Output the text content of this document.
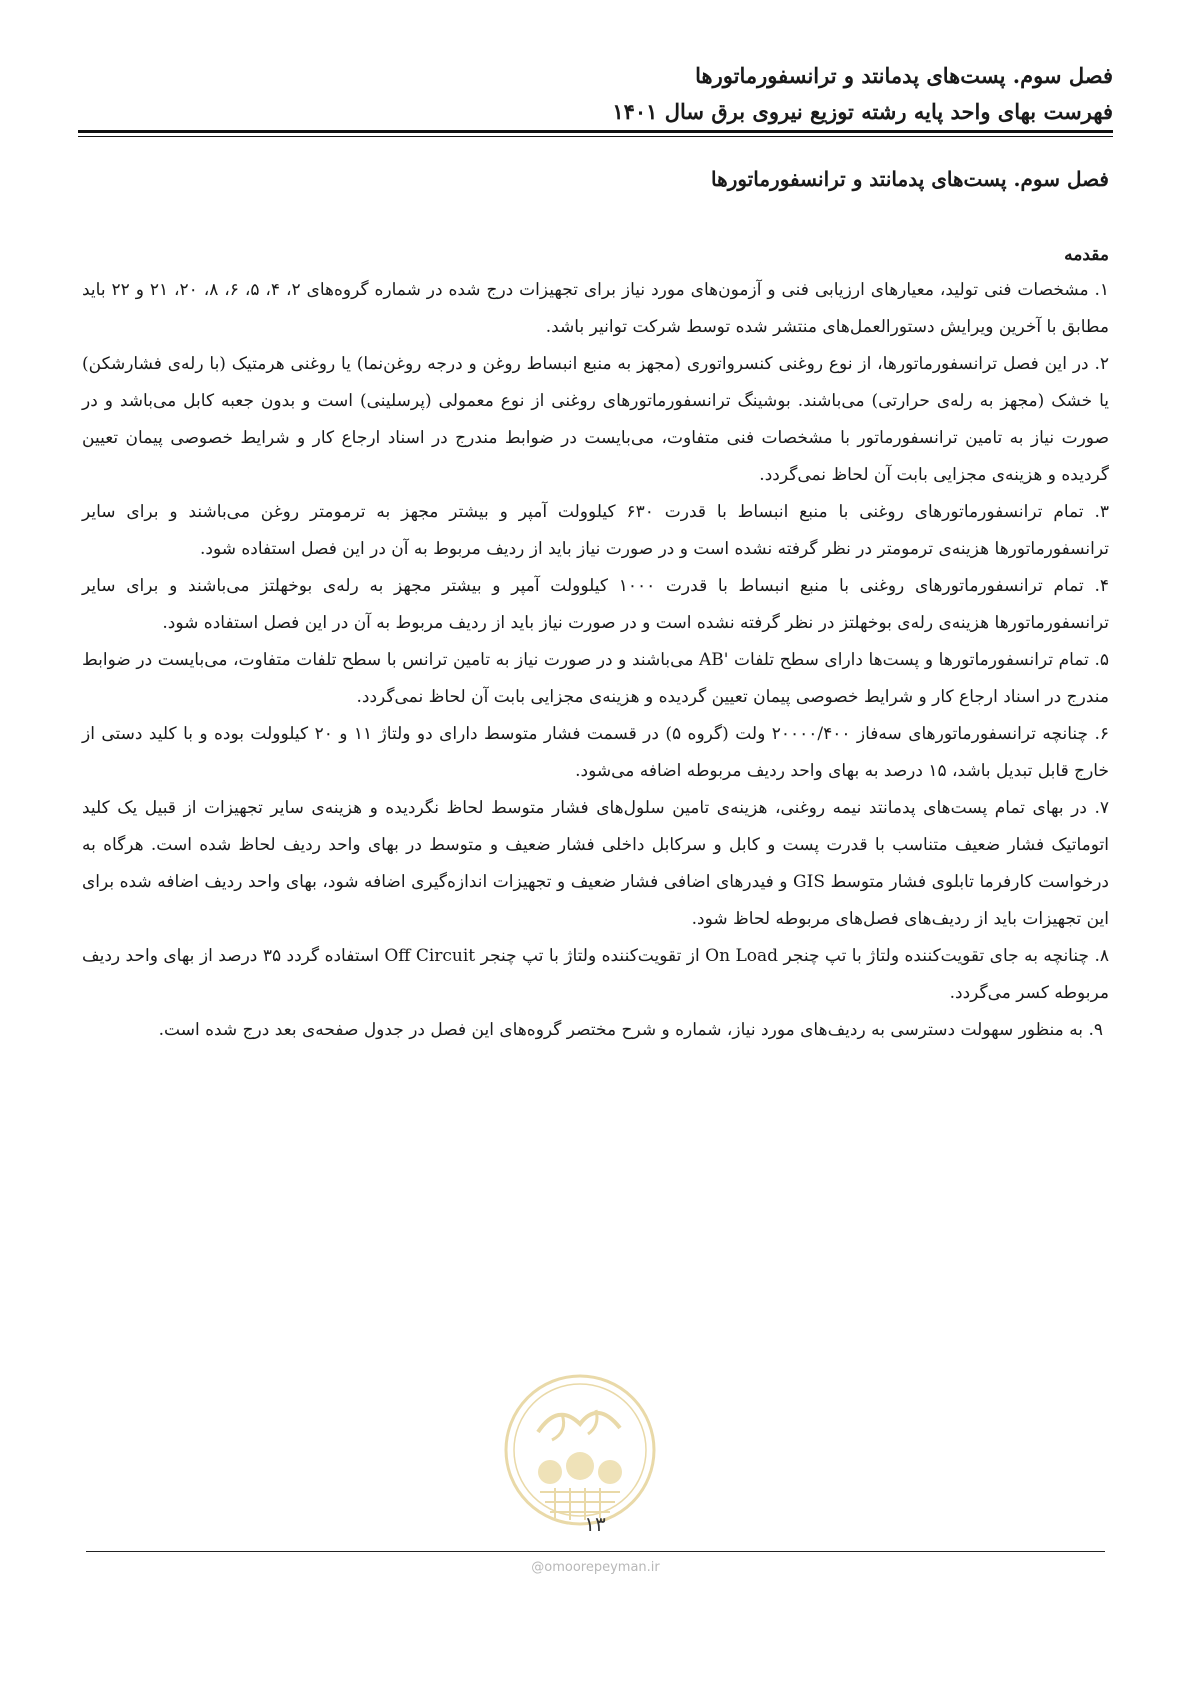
فصل سوم. پست‌های پدمانتد و ترانسفورماتورها
فهرست بهای واحد پایه رشته توزیع نیروی برق سال ۱۴۰۱
فصل سوم. پست‌های پدمانتد و ترانسفورماتورها
مقدمه

۱. مشخصات فنی تولید، معیارهای ارزیابی فنی و آزمون‌های مورد نیاز برای تجهیزات درج شده در شماره گروه‌های ۲، ۴، ۵، ۶، ۸، ۲۰، ۲۱ و ۲۲ باید مطابق با آخرین ویرایش دستورالعمل‌های منتشر شده توسط شرکت توانیر باشد.

۲. در این فصل ترانسفورماتورها، از نوع روغنی کنسرواتوری (مجهز به منبع انبساط روغن و درجه روغن‌نما) یا روغنی هرمتیک (با رله‌ی فشارشکن) یا خشک (مجهز به رله‌ی حرارتی) می‌باشند. بوشینگ ترانسفورماتورهای روغنی از نوع معمولی (پرسلینی) است و بدون جعبه کابل می‌باشد و در صورت نیاز به تامین ترانسفورماتور با مشخصات فنی متفاوت، می‌بایست در ضوابط مندرج در اسناد ارجاع کار و شرایط خصوصی پیمان تعیین گردیده و هزینه‌ی مجزایی بابت آن لحاظ نمی‌گردد.

۳. تمام ترانسفورماتورهای روغنی با منبع انبساط با قدرت ۶۳۰ کیلوولت آمپر و بیشتر مجهز به ترمومتر روغن می‌باشند و برای سایر ترانسفورماتورها هزینه‌ی ترمومتر در نظر گرفته نشده است و در صورت نیاز باید از ردیف مربوط به آن در این فصل استفاده شود.

۴. تمام ترانسفورماتورهای روغنی با منبع انبساط با قدرت ۱۰۰۰ کیلوولت آمپر و بیشتر مجهز به رله‌ی بوخهلتز می‌باشند و برای سایر ترانسفورماتورها هزینه‌ی رله‌ی بوخهلتز در نظر گرفته نشده است و در صورت نیاز باید از ردیف مربوط به آن در این فصل استفاده شود.

۵. تمام ترانسفورماتورها و پست‌ها دارای سطح تلفات 'AB می‌باشند و در صورت نیاز به تامین ترانس با سطح تلفات متفاوت، می‌بایست در ضوابط مندرج در اسناد ارجاع کار و شرایط خصوصی پیمان تعیین گردیده و هزینه‌ی مجزایی بابت آن لحاظ نمی‌گردد.

۶. چنانچه ترانسفورماتورهای سه‌فاز ۲۰۰۰۰/۴۰۰ ولت (گروه ۵) در قسمت فشار متوسط دارای دو ولتاژ ۱۱ و ۲۰ کیلوولت بوده و با کلید دستی از خارج قابل تبدیل باشد، ۱۵ درصد به بهای واحد ردیف مربوطه اضافه می‌شود.

۷. در بهای تمام پست‌های پدمانتد نیمه روغنی، هزینه‌ی تامین سلول‌های فشار متوسط لحاظ نگردیده و هزینه‌ی سایر تجهیزات از قبیل یک کلید اتوماتیک فشار ضعیف متناسب با قدرت پست و کابل و سرکابل داخلی فشار ضعیف و متوسط در بهای واحد ردیف لحاظ شده است. هرگاه به درخواست کارفرما تابلوی فشار متوسط GIS و فیدرهای اضافی فشار ضعیف و تجهیزات اندازه‌گیری اضافه شود، بهای واحد ردیف اضافه شده برای این تجهیزات باید از ردیف‌های فصل‌های مربوطه لحاظ شود.

۸. چنانچه به جای تقویت‌کننده ولتاژ با تپ چنجر On Load از تقویت‌کننده ولتاژ با تپ چنجر Off Circuit استفاده گردد ۳۵ درصد از بهای واحد ردیف مربوطه کسر می‌گردد.

۹. به منظور سهولت دسترسی به ردیف‌های مورد نیاز، شماره و شرح مختصر گروه‌های این فصل در جدول صفحه‌ی بعد درج شده است.

۱۳
@omoorepeyman.ir
